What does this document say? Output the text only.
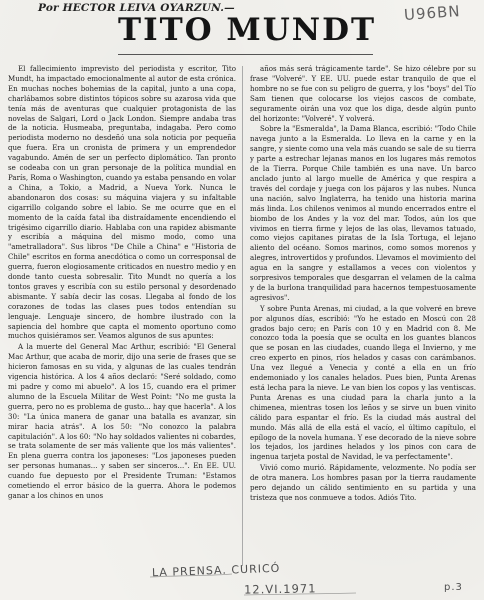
Por HECTOR LEIVA OYARZUN.—
TITO MUNDT U96BN

El fallecimiento imprevisto del periodista y escritor, Tito Mundt, ha impactado emocionalmente al autor de esta crónica. En muchas noches bohemias de la capital, junto a una copa, charlábamos sobre distintos tópicos sobre su azarosa vida que tenía más de aventuras que cualquier protagonista de las novelas de Salgari, Lord o Jack London. Siempre andaba tras de la noticia. Husmeaba, preguntaba, indagaba. Pero como periodista moderno no desdeñó una sola noticia por pequeña que fuera. Era un cronista de primera y un emprendedor vagabundo. Amén de ser un perfecto diplomático. Tan pronto se codeaba con un gran personaje de la política mundial en París, Roma o Washington, cuando ya estaba pensando en volar a China, a Tokio, a Madrid, a Nueva York. Nunca le abandonaron dos cosas: su máquina viajera y su infaltable cigarrillo colgando sobre el labio. Se me ocurre que en el momento de la caída fatal iba distraídamente encendiendo el trigésimo cigarrillo diario. Hablaba con una rapidez abismante y escribía a máquina del mismo modo, como una "ametralladora". Sus libros "De Chile a China" e "Historia de Chile" escritos en forma anecdótica o como un corresponsal de guerra, fueron elogiosamente criticados en nuestro medio y en donde tanto cuesta sobresalir. Tito Mundt no quería a los tontos graves y escribía con su estilo personal y desordenado abismante. Y sabía decir las cosas. Llegaba al fondo de los corazones de todas las clases pues todos entendían su lenguaje. Lenguaje sincero, de hombre ilustrado con la sapiencia del hombre que capta el momento oportuno como muchos quisiéramos ser. Veamos algunos de sus apuntes:

A la muerte del General Mac Arthur, escribió: "El General Mac Arthur, que acaba de morir, dijo una serie de frases que se hicieron famosas en su vida, y algunas de las cuales tendrán vigencia histórica. A los 4 años declaró: "Seré soldado, como mi padre y como mi abuelo". A los 15, cuando era el primer alumno de la Escuela Militar de West Point: "No me gusta la guerra, pero no es problema de gusto... hay que hacerla". A los 30: "La única manera de ganar una batalla es avanzar, sin mirar hacia atrás". A los 50: "No conozco la palabra capitulación". A los 60: "No hay soldados valientes ni cobardes, se trata solamente de ser más valiente que los más valientes". En plena guerra contra los japoneses: "Los japoneses pueden ser personas humanas... y saben ser sinceros...". En EE. UU. cuando fue depuesto por el Presidente Truman: "Estamos cometiendo el error básico de la guerra. Ahora le podemos ganar a los chinos en unos

años más será trágicamente tarde". Se hizo célebre por su frase "Volveré". Y EE. UU. puede estar tranquilo de que el hombre no se fue con su peligro de guerra, y los "boys" del Tío Sam tienen que colocarse los viejos cascos de combate, seguramente oirán una voz que los diga, desde algún punto del horizonte: "Volveré". Y volverá.

Sobre la "Esmeralda", la Dama Blanca, escribió: "Todo Chile navega junto a la Esmeralda. Lo lleva en la carne y en la sangre, y siente como una vela más cuando se sale de su tierra y parte a estrechar lejanas manos en los lugares más remotos de la Tierra. Porque Chile también es una nave. Un barco anclado junto al largo muelle de América y que respira a través del cordaje y juega con los pájaros y las nubes. Nunca una nación, salvo Inglaterra, ha tenido una historia marina más linda. Los chilenos venimos al mundo encerrados entre el biombo de los Andes y la voz del mar. Todos, aún los que vivimos en tierra firme y lejos de las olas, llevamos tatuado, como viejos capitanes piratas de la Isla Tortuga, el lejano aliento del océano. Somos marinos, como somos morenos y alegres, introvertidos y profundos. Llevamos el movimiento del agua en la sangre y estallamos a veces con violentos y sorpresivos temporales que desgarran el velamen de la calma y de la burlona tranquilidad para hacernos tempestuosamente agresivos".

Y sobre Punta Arenas, mi ciudad, a la que volveré en breve por algunos días, escribió: "Yo he estado en Moscú con 28 grados bajo cero; en París con 10 y en Madrid con 8. Me conozco toda la poesía que se oculta en los guantes blancos que se posan en las ciudades, cuando llega el Invierno, y me creo experto en pinos, ríos helados y casas con carámbanos. Una vez llegué a Venecia y conté a ella en un frío endemoniado y los canales helados. Pues bien, Punta Arenas está lecha para la nieve. Le van bien los copos y las ventiscas. Punta Arenas es una ciudad para la charla junto a la chimenea, mientras tosen los leños y se sirve un buen vinito cálido para espantar el frío. Es la ciudad más austral del mundo. Más allá de ella está el vacío, el último capítulo, el epílogo de la novela humana. Y ese decorado de la nieve sobre los tejados, los jardines helados y los pinos con cara de ingenua tarjeta postal de Navidad, le va perfectamente".

Vivió como murió. Rápidamente, velozmente. No podía ser de otra manera. Los hombres pasan por la tierra raudamente pero dejando un cálido sentimiento en su partida y una tristeza que nos conmueve a todos. Adiós Tito.

LA PRENSA. CURICÓ
12.VI.1971	p.3
